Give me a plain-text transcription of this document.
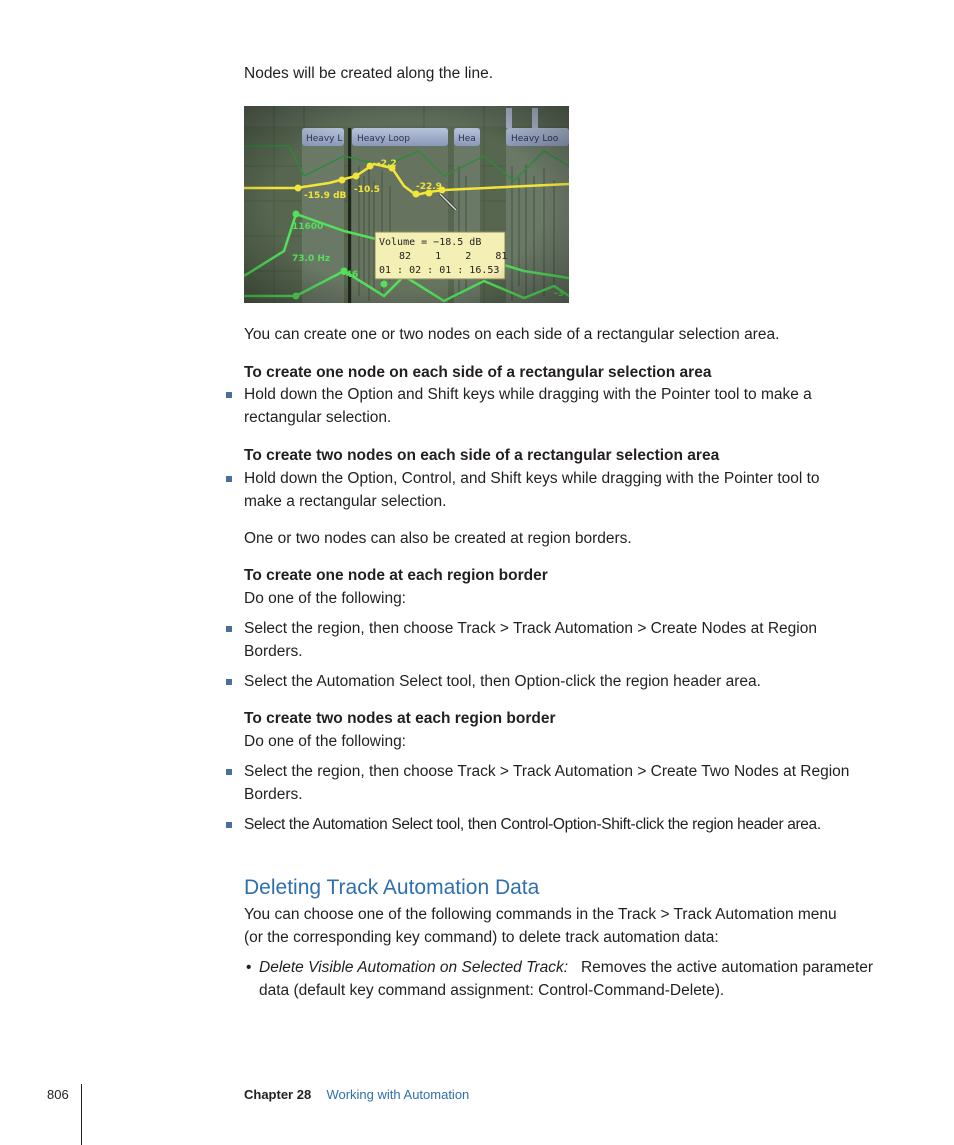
Nodes will be created along the line.
You can create one or two nodes on each side of a rectangular selection area.
To create one node on each side of a rectangular selection area
Hold down the Option and Shift keys while dragging with the Pointer tool to make a
rectangular selection.
To create two nodes on each side of a rectangular selection area
Hold down the Option, Control, and Shift keys while dragging with the Pointer tool to
make a rectangular selection.
One or two nodes can also be created at region borders.
To create one node at each region border
Do one of the following:
Select the region, then choose Track > Track Automation > Create Nodes at Region
Borders.
Select the Automation Select tool, then Option-click the region header area.
To create two nodes at each region border
Do one of the following:
Select the region, then choose Track > Track Automation > Create Two Nodes at Region
Borders.
Select the Automation Select tool, then Control-Option-Shift-click the region header area.
Deleting Track Automation Data
You can choose one of the following commands in the Track > Track Automation menu
(or the corresponding key command) to delete track automation data:
• Delete Visible Automation on Selected Track: Removes the active automation parameter
data (default key command assignment: Control-Command-Delete).
806	Chapter 28 Working with Automation
